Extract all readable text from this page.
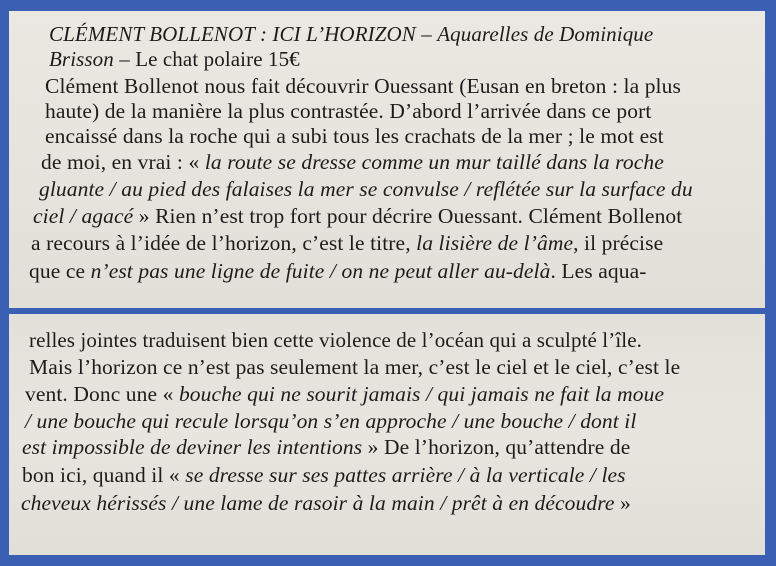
CLÉMENT BOLLENOT : ICI L’HORIZON – Aquarelles de Dominique
Brisson – Le chat polaire 15€
Clément Bollenot nous fait découvrir Ouessant (Eusan en breton : la plus
haute) de la manière la plus contrastée. D’abord l’arrivée dans ce port
encaissé dans la roche qui a subi tous les crachats de la mer ; le mot est
de moi, en vrai : « la route se dresse comme un mur taillé dans la roche
gluante / au pied des falaises la mer se convulse / reflétée sur la surface du
ciel / agacé » Rien n’est trop fort pour décrire Ouessant. Clément Bollenot
a recours à l’idée de l’horizon, c’est le titre, la lisière de l’âme, il précise
que ce n’est pas une ligne de fuite / on ne peut aller au-delà. Les aqua-
relles jointes traduisent bien cette violence de l’océan qui a sculpté l’île.
Mais l’horizon ce n’est pas seulement la mer, c’est le ciel et le ciel, c’est le
vent. Donc une « bouche qui ne sourit jamais / qui jamais ne fait la moue
/ une bouche qui recule lorsqu’on s’en approche / une bouche / dont il
est impossible de deviner les intentions » De l’horizon, qu’attendre de
bon ici, quand il « se dresse sur ses pattes arrière / à la verticale / les
cheveux hérissés / une lame de rasoir à la main / prêt à en découdre »
